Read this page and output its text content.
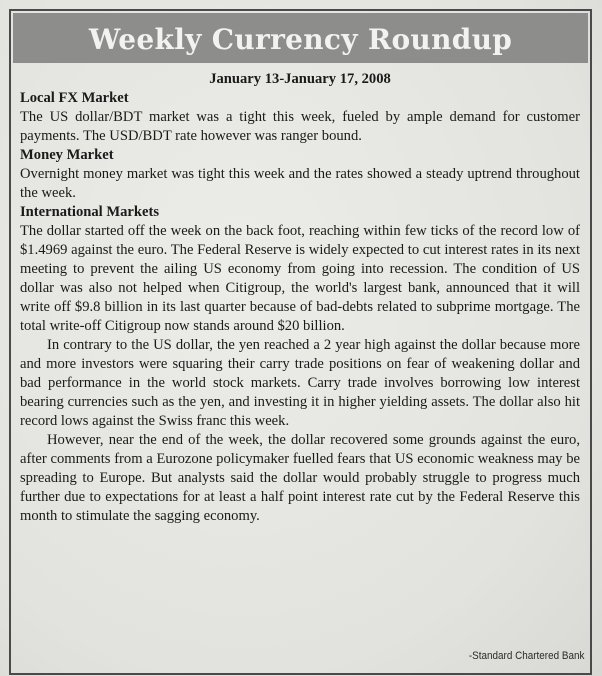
Weekly Currency Roundup
January 13-January 17, 2008
Local FX Market

The US dollar/BDT market was a tight this week, fueled by ample demand for customer payments. The USD/BDT rate however was ranger bound.

Money Market

Overnight money market was tight this week and the rates showed a steady uptrend throughout the week.

International Markets

The dollar started off the week on the back foot, reaching within few ticks of the record low of $1.4969 against the euro. The Federal Reserve is widely expected to cut interest rates in its next meeting to prevent the ailing US economy from going into recession. The condition of US dollar was also not helped when Citigroup, the world's largest bank, announced that it will write off $9.8 billion in its last quarter because of bad-debts related to subprime mortgage. The total write-off Citigroup now stands around $20 billion.

In contrary to the US dollar, the yen reached a 2 year high against the dollar because more and more investors were squaring their carry trade positions on fear of weakening dollar and bad performance in the world stock markets. Carry trade involves borrowing low interest bearing currencies such as the yen, and investing it in higher yielding assets. The dollar also hit record lows against the Swiss franc this week.

However, near the end of the week, the dollar recovered some grounds against the euro, after comments from a Eurozone policymaker fuelled fears that US economic weakness may be spreading to Europe. But analysts said the dollar would probably struggle to progress much further due to expectations for at least a half point interest rate cut by the Federal Reserve this month to stimulate the sagging economy.

-Standard Chartered Bank
